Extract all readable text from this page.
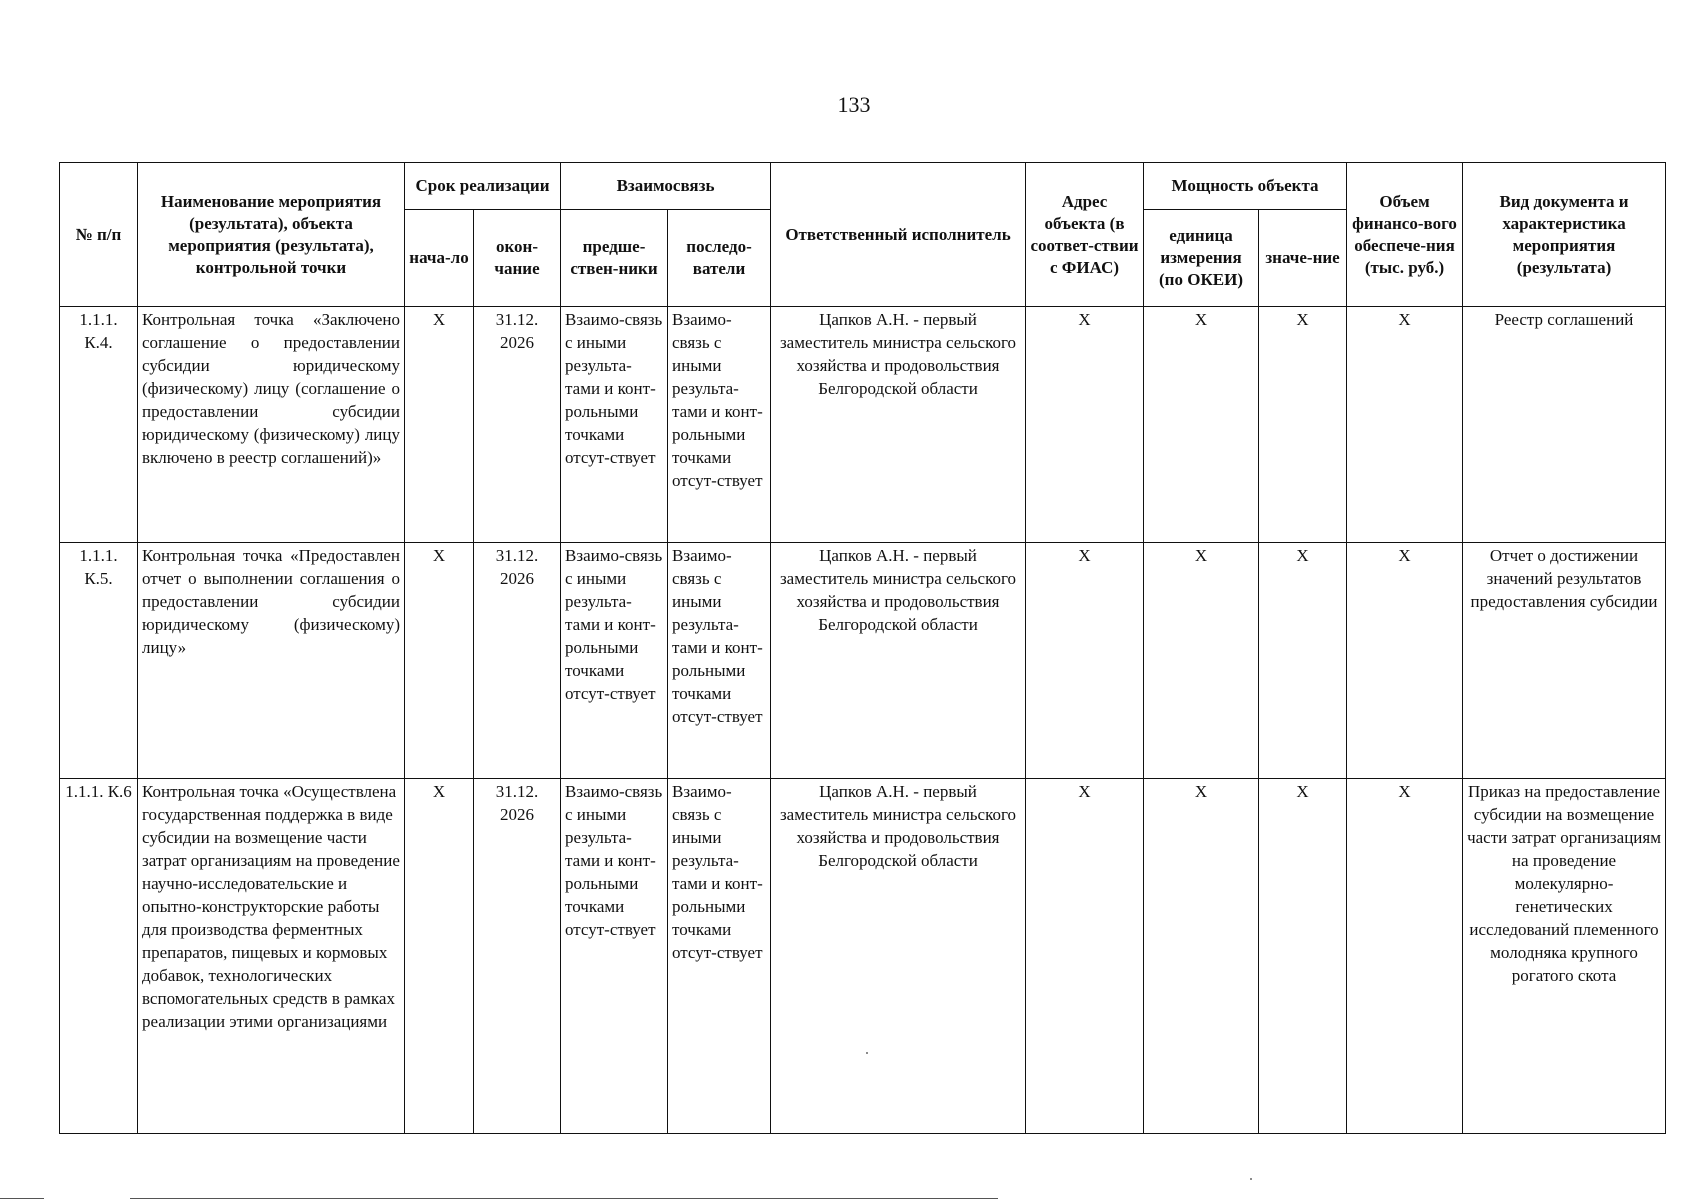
133
№ п/п	Наименование мероприятия (результата), объекта мероприятия (результата), контрольной точки	Срок реализации		Взаимосвязь		Ответственный исполнитель	Адрес объекта (в соответ-ствии с ФИАС)	Мощность объекта		Объем финансо-вого обеспече-ния (тыс. руб.)	Вид документа и характеристика мероприятия (результата)
		нача-ло	окон-чание	предше-ствен-ники	последо-ватели			единица измерения (по ОКЕИ)	значе-ние		
1.1.1. К.4.	Контрольная точка «Заключено соглашение о предоставлении субсидии юридическому (физическому) лицу (соглашение о предоставлении субсидии юридическому (физическому) лицу включено в реестр соглашений)»	X	31.12. 2026	Взаимо-связь с иными результа-тами и конт-рольными точками отсут-ствует	Взаимо-связь с иными результа-тами и конт-рольными точками отсут-ствует	Цапков А.Н. - первый заместитель министра сельского хозяйства и продовольствия Белгородской области	X	X	X	X	Реестр соглашений
1.1.1. К.5.	Контрольная точка «Предоставлен отчет о выполнении соглашения о предоставлении субсидии юридическому (физическому) лицу»	X	31.12. 2026	Взаимо-связь с иными результа-тами и конт-рольными точками отсут-ствует	Взаимо-связь с иными результа-тами и конт-рольными точками отсут-ствует	Цапков А.Н. - первый заместитель министра сельского хозяйства и продовольствия Белгородской области	X	X	X	X	Отчет о достижении значений результатов предоставления субсидии
1.1.1. К.6	Контрольная точка «Осуществлена государственная поддержка в виде субсидии на возмещение части затрат организациям на проведение научно-исследовательские и опытно-конструкторские работы для производства ферментных препаратов, пищевых и кормовых добавок, технологических вспомогательных средств в рамках реализации этими организациями	X	31.12. 2026	Взаимо-связь с иными результа-тами и конт-рольными точками отсут-ствует	Взаимо-связь с иными результа-тами и конт-рольными точками отсут-ствует	Цапков А.Н. - первый заместитель министра сельского хозяйства и продовольствия Белгородской области	X	X	X	X	Приказ на предоставление субсидии на возмещение части затрат организациям на проведение молекулярно-генетических исследований племенного молодняка крупного рогатого скота
